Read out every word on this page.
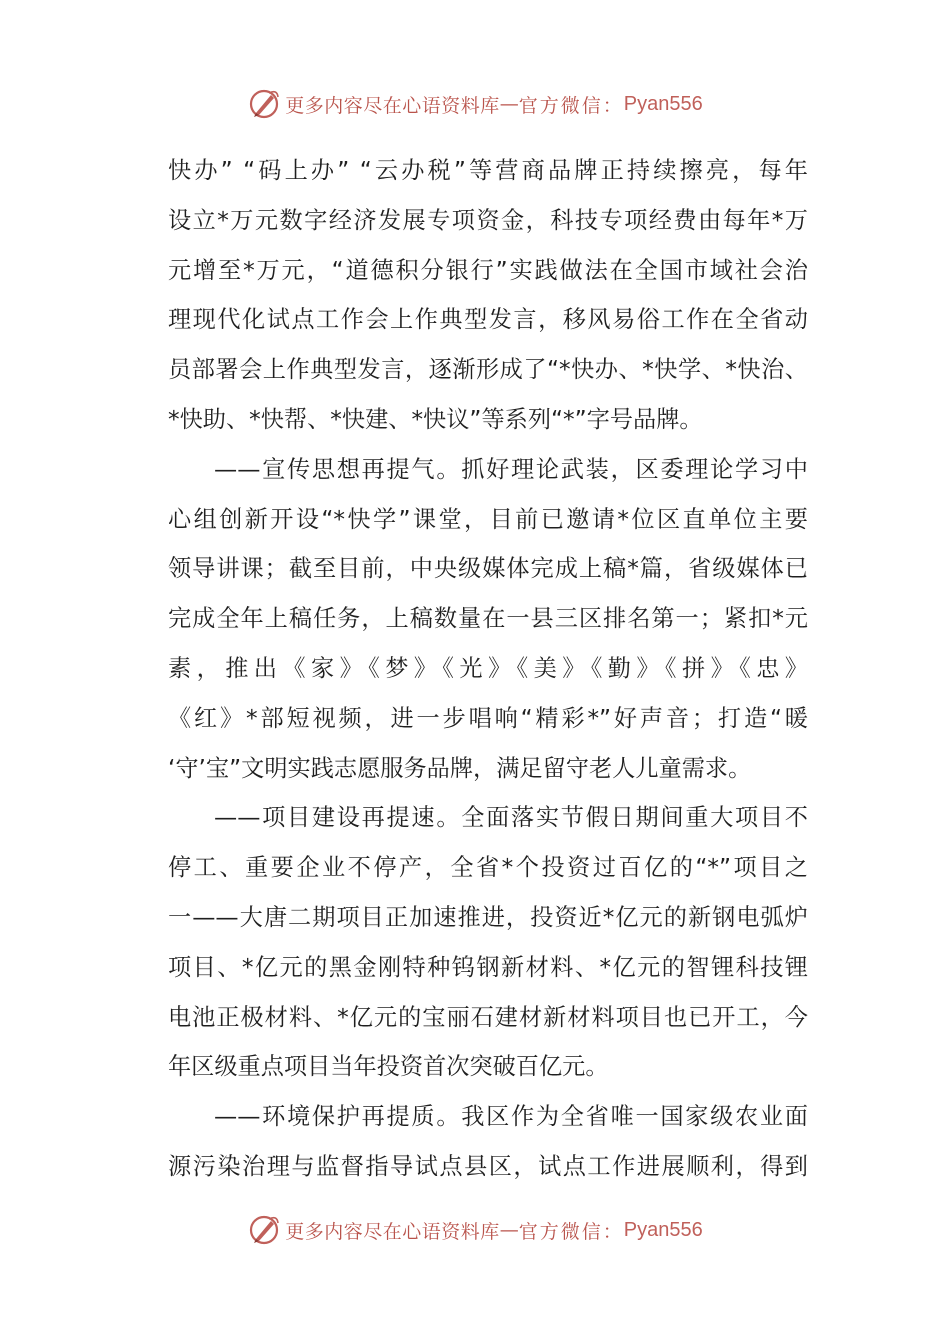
更多内容尽在心语资料库 — 官方微信： Pyan556
快办” “码上办” “云办税”等营商品牌正持续擦亮，每年
设立*万元数字经济发展专项资金，科技专项经费由每年*万
元增至*万元，“道德积分银行”实践做法在全国市域社会治
理现代化试点工作会上作典型发言，移风易俗工作在全省动
员部署会上作典型发言，逐渐形成了“*快办、*快学、*快治、
*快助、*快帮、*快建、*快议”等系列“*”字号品牌。
——宣传思想再提气。抓好理论武装，区委理论学习中
心组创新开设“*快学”课堂，目前已邀请*位区直单位主要
领导讲课；截至目前，中央级媒体完成上稿*篇，省级媒体已
完成全年上稿任务，上稿数量在一县三区排名第一；紧扣*元
素，推出《家》《梦》《光》《美》《勤》《拼》《忠》
《红》*部短视频，进一步唱响“精彩*”好声音；打造“暖
‘守’宝”文明实践志愿服务品牌，满足留守老人儿童需求。
——项目建设再提速。全面落实节假日期间重大项目不
停工、重要企业不停产，全省*个投资过百亿的“*”项目之
一——大唐二期项目正加速推进，投资近*亿元的新钢电弧炉
项目、*亿元的黑金刚特种钨钢新材料、*亿元的智锂科技锂
电池正极材料、*亿元的宝丽石建材新材料项目也已开工，今
年区级重点项目当年投资首次突破百亿元。
——环境保护再提质。我区作为全省唯一国家级农业面
源污染治理与监督指导试点县区，试点工作进展顺利，得到
更多内容尽在心语资料库 — 官方微信： Pyan556
